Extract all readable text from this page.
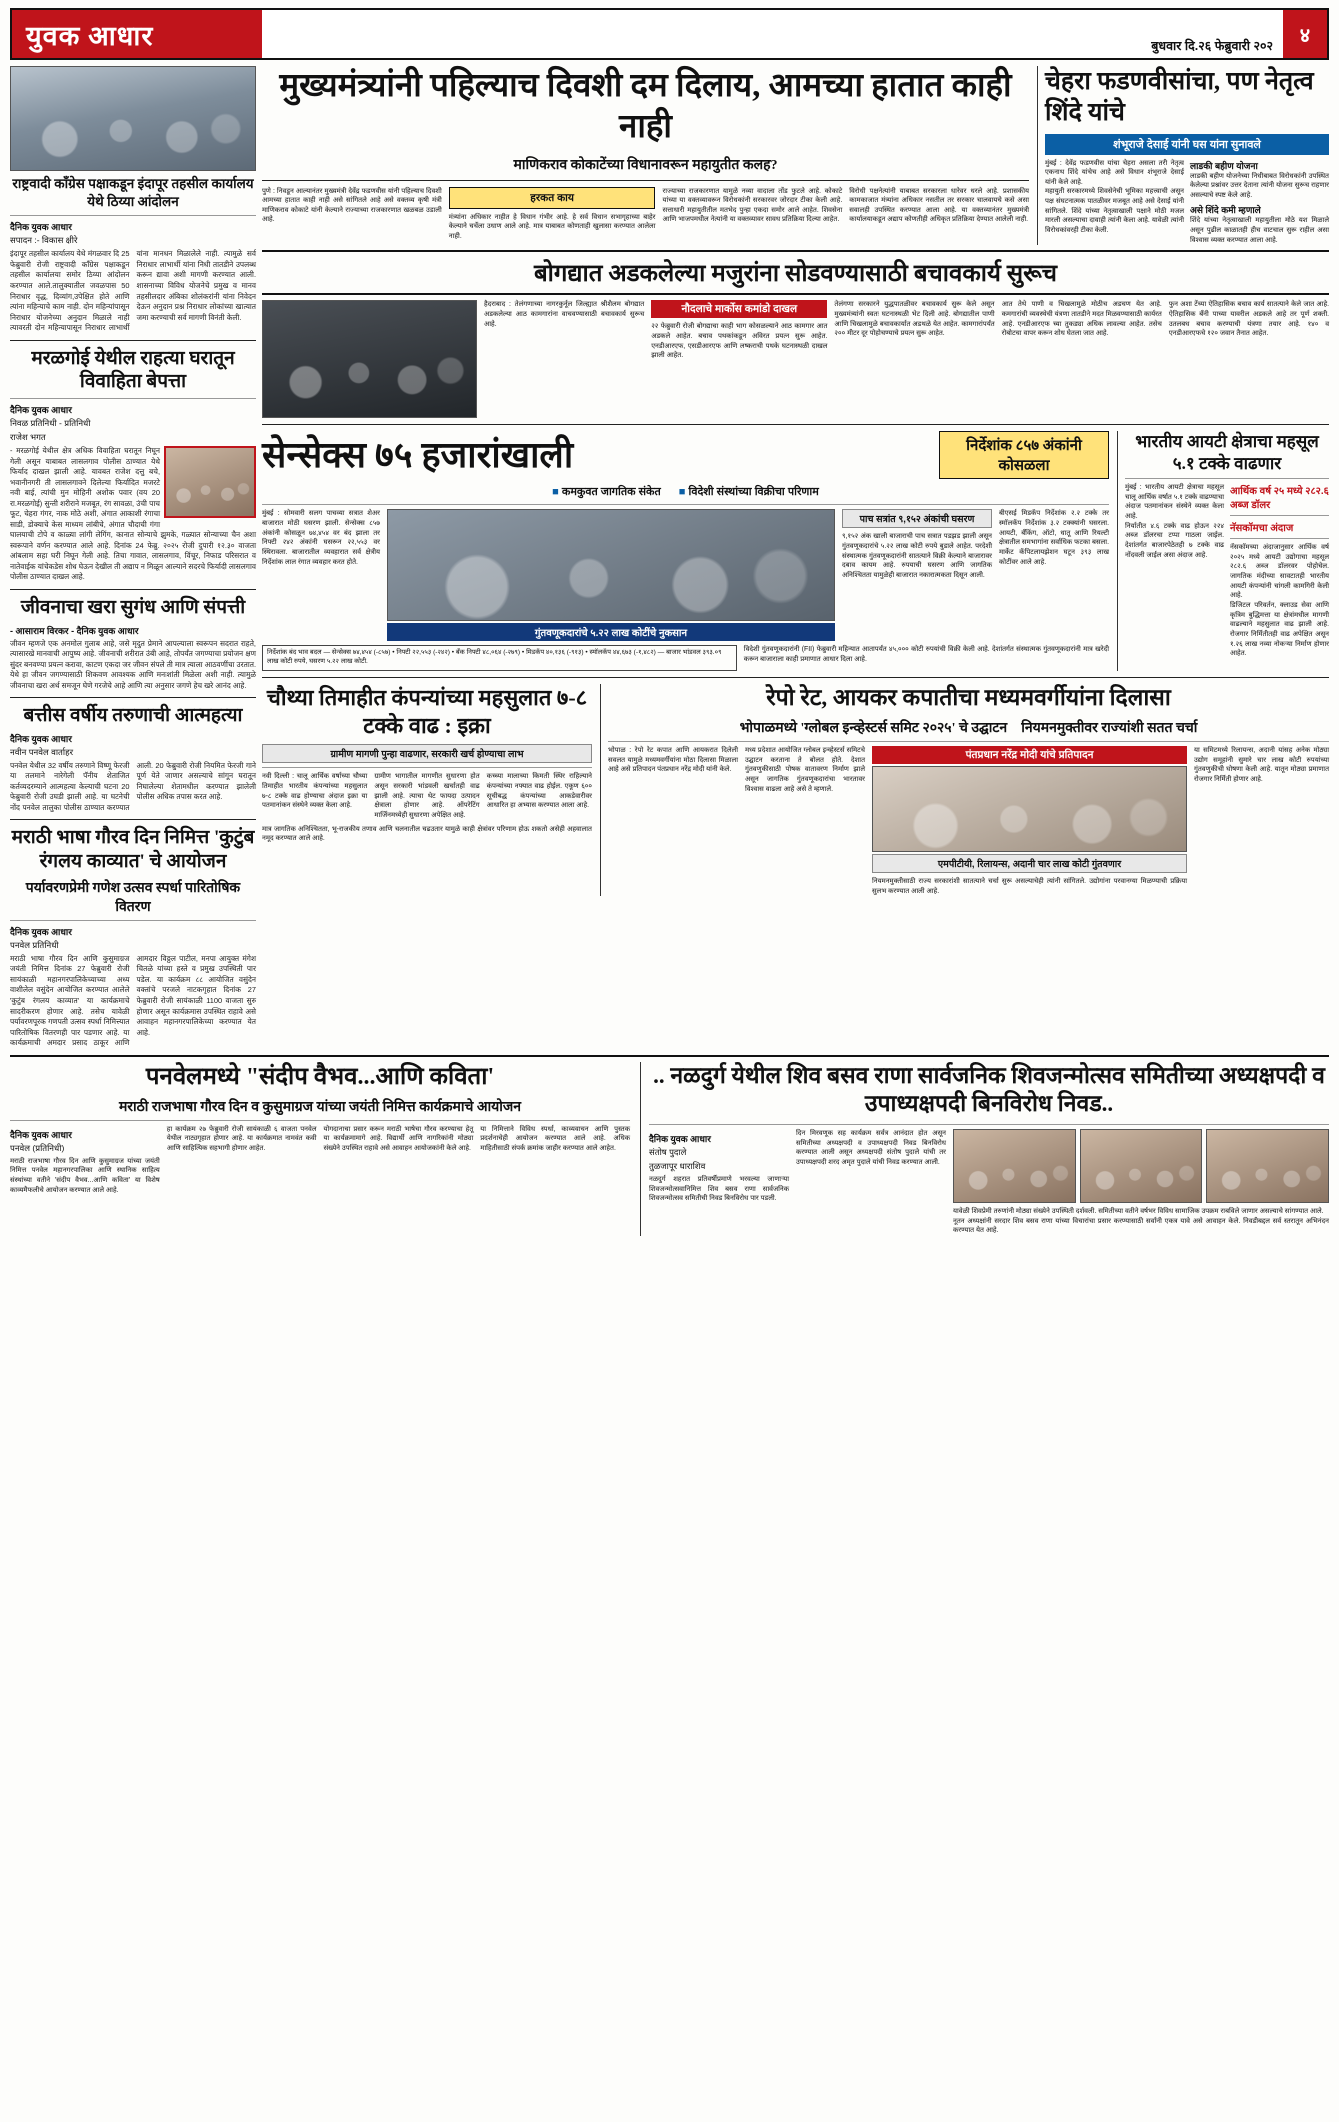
युवक आधार	बुधवार दि.२६ फेब्रुवारी २०२	४
राष्ट्रवादी काँग्रेस पक्षाकडून इंदापूर तहसील कार्यालय येथे ठिय्या आंदोलन
दैनिक युवक आधार
सपादन :- विकास क्षीरे
इंदापूर तहसील कार्यालय येथे मंगळवार दि 25 फेब्रुवारी रोजी राष्ट्रवादी काँग्रेस पक्षाकडून तहसील कार्यालया समोर ठिय्या आंदोलन करण्यात आले.तालुक्यातील जवळपास 50 निराधार वृद्ध, दिव्यांग,उपेक्षित होते आणि त्यांना महिन्याचे काम नाही. दोन महिन्यांपासून निराधार योजनेच्या अनुदान मिळाले नाही त्यावरती दोन महिन्यापासून निराधार लाभार्थी यांना मानधन मिळालेले नाही. त्यामुळे सर्व निराधार लाभार्थी यांना निधी तातडीने उपलब्ध करून द्यावा अशी मागणी करण्यात आली. शासनाच्या विविध योजनेचे प्रमुख व मानव तहसीलदार अंबिका शोलंकरांनी यांना निवेदन देऊन अनुदान प्रश्न निराधार लोकांच्या खात्यात जमा करण्याची सर्व मागणी विनंती केली.
मरळगोई येथील राहत्या घरातून विवाहिता बेपत्ता
दैनिक युवक आधार
निवळ प्रतिनिधी - प्रतिनिधी
राजेश भगत
- मरळगोई येथील क्षेत्र अधिक विवाहिता घरातून निघून गेली असून याबाबत लासलगाव पोलीस ठाण्यात येथे फिर्याद दाखल झाली आहे. यावबत राजेश दत्तु बचे, भवानीनगरी ती लासलगावने दिलेल्या फिर्यादित मजरटे नवी बाई, त्यांची मुन मोहिनी अशोक पवार (वय 20 रा.मरळगोई) सुन्ती शरीराने मजबूत, रंग सावळा, उंची पाच फूट, चेहरा गंगर, नाक मोठे अशी, अंगात आकाशी रंगाचा साडी, डोक्याचे केस माध्यम लांबीचे, अंगात चौदाची गंगा घालयाची टोपे व काळ्या लांगी लेगिंग, कानात सोन्याचे झुमके, गळ्यात सोन्याच्या चैन अशा स्वरूपाने वर्णन करण्यात आले आहे. दिनांक 24 फेब्रु. २०२५ रोजी दुपारी १२.३० वाजता आंबलाम सहा घरी निघून गेली आहे. तिचा गावात, लासलगाव, विंचूर, निफाड परिसरात व नातेवाईक यांचेकडेस शोध घेऊन देखील ती अद्याप न मिळून आल्याने सदरचे फिर्यादी लासलगाव पोलीस ठाण्यात दाखल आहे.
जीवनाचा खरा सुगंध आणि संपत्ती
- आसाराम विरकर - दैनिक युवक आधार
जीवन म्हणजे एक अनमोल गुलाब आहे, जसे मृदुत प्रेमाने आपल्याला स्वरूपन सदरात राहते, त्यासारखे मानवाची आपुष्य आहे. जीवनाची शरीरात उंबी आहे, तोपर्यंत जगण्याचा प्रयोजन क्षण सुंदर बनवण्या प्रयत्न करावा, काटण एकदा जर जीवन संपले ती मात्र त्याला आठवणींचा उरतात. येथे हा जीवन जगण्यासाठी शिकवण आवश्यक आणि मनःशांती मिळेला अशी नाही. त्यामुळे जीवनाचा खरा अर्थ समजून घेणे गरजेचे आहे आणि त्या अनुसार जगणे हेच खरे आनंद आहे.
बत्तीस वर्षीय तरुणाची आत्महत्या
दैनिक युवक आधार
नवीन पनवेल वार्ताहर
पनवेल येथील 32 वर्षीय तरुणाने विष्णू फेरजी या तलमाने नारेगेली पॅनीय शेताजित कर्तव्यदरम्याने आत्महत्या केल्याची घटना 20 फेब्रुवारी रोजी उघडी झाली आहे. या घटनेची नोंद पनवेल तालुका पोलीस ठाण्यात करण्यात आली. 20 फेब्रुवारी रोजी नियमित फेरजी गाने पूर्ण येते जाणार असल्याचे सांगून घरातून निघालेल्या शेतामधील करण्यात झालेली पोलीस अधिक तपास करत आहे.
मराठी भाषा गौरव दिन निमित्त 'कुटुंब रंगलय काव्यात' चे आयोजन
पर्यावरणप्रेमी गणेश उत्सव स्पर्धा पारितोषिक वितरण
दैनिक युवक आधार
पनवेल प्रतिनिधी
मराठी भाषा गौरव दिन आणि कुसुमाग्रज जयंती निमित्त दिनांक 27 फेब्रुवारी रोजी सायंकाळी महानगरपालिकेच्याच्या अध्य वाशीलेल वसुंदेन आयोजित करण्यात आलेले 'कुटुंब रंगलय काव्यात' या कार्यक्रमाचे सादरीकरण होणार आहे. तसेच यावेळी पर्यावरणपूरक गणपती उत्सव स्पर्धा निमित्त्यात पारितोषिक वितरणही पार पडणार आहे. या कार्यक्रमाची अमदार प्रसाद ठाकूर आणि आमदार विठ्ठल पाटील, मनपा आयुक्त मंगेश चितळे यांच्या हस्ते व प्रमुख उपस्थिती पार पडेल. या कार्यक्रम ८८ आयोजित वसुंदेन वक्तांचे परजले नाटकगृहात दिनांक 27 फेब्रुवारी रोजी सायंकाळी 1100 वाजता सुरु होणार असून कार्यक्रमास उपस्थित राहावे असे आवाहन महानगरपालिकेच्या करण्यात येत आहे.
मुख्यमंत्र्यांनी पहिल्याच दिवशी दम दिलाय, आमच्या हातात काही नाही
माणिकराव कोकाटेंच्या विधानावरून महायुतीत कलह?
पुणे : निवडून आल्यानंतर मुख्यमंत्री देवेंद्र फडणवीस यांनी पहिल्याच दिवशी आमच्या हातात काही नाही असे सांगितले आहे असे वक्तव्य कृषी मंत्री माणिकराव कोकाटे यांनी केल्याने राज्याच्या राजकारणात खळबळ उडाली आहे.
हरकत काय
मंत्र्यांना अधिकार नाहीत हे विधान गंभीर आहे. हे सर्व विधान सभागृहाच्या बाहेर केल्याने चर्चेला उधाण आले आहे. मात्र याबाबत कोणताही खुलासा करण्यात आलेला नाही.
राज्याच्या राजकारणात यामुळे नव्या वादाला तोंड फुटले आहे. कोकाटे यांच्या या वक्तव्यावरून विरोधकांनी सरकारवर जोरदार टीका केली आहे. सत्ताधारी महायुतीतील मतभेद पुन्हा एकदा समोर आले आहेत. शिवसेना आणि भाजपमधील नेत्यांनी या वक्तव्यावर सावध प्रतिक्रिया दिल्या आहेत.
विरोधी पक्षनेत्यांनी याबाबत सरकारला धारेवर धरले आहे. प्रशासकीय कामकाजात मंत्र्यांना अधिकार नसतील तर सरकार चालवायचे कसे असा सवालही उपस्थित करण्यात आला आहे. या वक्तव्यानंतर मुख्यमंत्री कार्यालयाकडून अद्याप कोणतीही अधिकृत प्रतिक्रिया देण्यात आलेली नाही.
चेहरा फडणवीसांचा, पण नेतृत्व शिंदे यांचे
शंभूराजे देसाई यांनी घस यांना सुनावले
मुंबई : देवेंद्र फडणवीस यांचा चेहरा असला तरी नेतृत्व एकनाथ शिंदे यांचेच आहे असे विधान शंभूराजे देसाई यांनी केले आहे.
महायुती सरकारमध्ये शिवसेनेची भूमिका महत्त्वाची असून पक्ष संघटनात्मक पातळीवर मजबूत आहे असे देसाई यांनी सांगितले. शिंदे यांच्या नेतृत्वाखाली पक्षाने मोठी मजल मारली असल्याचा दावाही त्यांनी केला आहे. यावेळी त्यांनी विरोधकांवरही टीका केली.
लाडकी बहीण योजना
लाडकी बहीण योजनेच्या निधीबाबत विरोधकांनी उपस्थित केलेल्या प्रश्नांवर उत्तर देताना त्यांनी योजना सुरूच राहणार असल्याचे स्पष्ट केले आहे.
असे शिंदे कमी म्हणाले
शिंदे यांच्या नेतृत्वाखाली महायुतीला मोठे यश मिळाले असून पुढील काळातही हीच वाटचाल सुरू राहील असा विश्वास व्यक्त करण्यात आला आहे.
बोगद्यात अडकलेल्या मजुरांना सोडवण्यासाठी बचावकार्य सुरूच
हैदराबाद : तेलंगणाच्या नागरकुर्नूल जिल्ह्यात श्रीशैलम बोगद्यात अडकलेल्या आठ कामगारांना वाचवण्यासाठी बचावकार्य सुरूच आहे.
नौदलाचे मार्कोस कमांडो दाखल
२२ फेब्रुवारी रोजी बोगद्याचा काही भाग कोसळल्याने आठ कामगार आत अडकले आहेत. बचाव पथकांकडून अविरत प्रयत्न सुरू आहेत. एनडीआरएफ, एसडीआरएफ आणि लष्कराची पथके घटनास्थळी दाखल झाली आहेत.
तेलंगणा सरकारने युद्धपातळीवर बचावकार्य सुरू केले असून मुख्यमंत्र्यांनी स्वतः घटनास्थळी भेट दिली आहे. बोगद्यातील पाणी आणि चिखलामुळे बचावकार्यात अडथळे येत आहेत. कामगारांपर्यंत २०० मीटर दूर पोहोचण्याचे प्रयत्न सुरू आहेत.
आत तेथे पाणी व चिखलामुळे मोठीच अडचण येत आहे. कमगारांची व्यवस्थेची यंत्रणा तातडीने मदत मिळवण्यासाठी कार्यरत आहे. एनडीआरएफ च्या तुकड्या अधिक लावल्या आहेत. तसेच रोबोटचा वापर करून शोध घेतला जात आहे.
फुन अशा टेंच्या ऐतिहासिक बचाव कार्य सातत्याने केले जात आहे. ऐतिहासिक बॅंनी पाच्या यावरील अडकले आहे तर पूर्ण शक्ती. उतलबध बचाव करण्याची यंत्रणा तयार आहे. १४० व एनडीआरएफचे १२० जवान तैनात आहेत.
सेन्सेक्स ७५ हजारांखाली	निर्देशांक ८५७ अंकांनी कोसळला
■ कमकुवत जागतिक संकेत	■ विदेशी संस्थांच्या विक्रीचा परिणाम
मुंबई : सोमवारी सलग पाचव्या सत्रात शेअर बाजारात मोठी घसरण झाली. सेन्सेक्स ८५७ अंकांनी कोसळून ७४,४५४ वर बंद झाला तर निफ्टी २४२ अंकांनी घसरून २२,५५३ वर स्थिरावला. बाजारातील व्यवहारात सर्व क्षेत्रीय निर्देशांक लाल रंगात व्यवहार करत होते.
गुंतवणूकदारांचे ५.२२ लाख कोटींचे नुकसान
पाच सत्रांत ९,१५२ अंकांची घसरण
९,१५२ अंक खाली बाजाराची पाच सत्रात पडझड झाली असून गुंतवणूकदारांचे ५.२२ लाख कोटी रुपये बुडाले आहेत. परदेशी संस्थात्मक गुंतवणूकदारांनी सातत्याने विक्री केल्याने बाजारावर दबाव कायम आहे. रुपयाची घसरण आणि जागतिक अनिश्चितता यामुळेही बाजारात नकारात्मकता दिसून आली.
बीएसई मिडकॅप निर्देशांक २.२ टक्के तर स्मॉलकॅप निर्देशांक ३.२ टक्क्यांनी घसरला. आयटी, बँकिंग, ऑटो, धातू आणि रियल्टी क्षेत्रातील समभागांना सर्वाधिक फटका बसला. मार्केट कॅपिटलायझेशन घटून ३९३ लाख कोटींवर आले आहे.
निर्देशांक बंद भाव बदल — सेन्सेक्स ७४,४५४ (-८५७) • निफ्टी २२,५५३ (-२४२) • बँक निफ्टी ४८,०६४ (-२७९) • मिडकॅप ४०,१३६ (-९१३) • स्मॉलकॅप ४४,६७३ (-१,४८२) — बाजार भांडवल ३९३.०९ लाख कोटी रुपये, घसरण ५.२२ लाख कोटी.
विदेशी गुंतवणूकदारांनी (FII) फेब्रुवारी महिन्यात आतापर्यंत ४५,००० कोटी रुपयांची विक्री केली आहे. देशांतर्गत संस्थात्मक गुंतवणूकदारांनी मात्र खरेदी करून बाजाराला काही प्रमाणात आधार दिला आहे.
भारतीय आयटी क्षेत्राचा महसूल ५.१ टक्के वाढणार
मुंबई : भारतीय आयटी क्षेत्राचा महसूल चालू आर्थिक वर्षात ५.१ टक्के वाढण्याचा अंदाज पतमानांकन संस्थेने व्यक्त केला आहे.
निर्यातीत ४.६ टक्के वाढ होऊन २२४ अब्ज डॉलरचा टप्पा गाठला जाईल. देशांतर्गत बाजारपेठेतही ७ टक्के वाढ नोंदवली जाईल असा अंदाज आहे.
आर्थिक वर्ष २५ मध्ये २८२.६ अब्ज डॉलर
नॅसकॉमचा अंदाज
नॅसकॉमच्या अंदाजानुसार आर्थिक वर्ष २०२५ मध्ये आयटी उद्योगाचा महसूल २८२.६ अब्ज डॉलरवर पोहोचेल. जागतिक मंदीच्या सावटातही भारतीय आयटी कंपन्यांनी चांगली कामगिरी केली आहे.
डिजिटल परिवर्तन, क्लाउड सेवा आणि कृत्रिम बुद्धिमत्ता या क्षेत्रांमधील मागणी वाढल्याने महसुलात वाढ झाली आहे. रोजगार निर्मितीतही वाढ अपेक्षित असून १.२६ लाख नव्या नोकऱ्या निर्माण होणार आहेत.
चौथ्या तिमाहीत कंपन्यांच्या महसुलात ७-८ टक्के वाढ : इक्रा
ग्रामीण मागणी पुन्हा वाढणार, सरकारी खर्च होण्याचा लाभ
नवी दिल्ली : चालू आर्थिक वर्षाच्या चौथ्या तिमाहीत भारतीय कंपन्यांच्या महसुलात ७-८ टक्के वाढ होण्याचा अंदाज इक्रा या पतमानांकन संस्थेने व्यक्त केला आहे.
ग्रामीण भागातील मागणीत सुधारणा होत असून सरकारी भांडवली खर्चातही वाढ झाली आहे. त्याचा थेट फायदा उत्पादन क्षेत्राला होणार आहे. ऑपरेटिंग मार्जिनमध्येही सुधारणा अपेक्षित आहे.
कच्च्या मालाच्या किमती स्थिर राहिल्याने कंपन्यांच्या नफ्यात वाढ होईल. एकूण ६०० सूचीबद्ध कंपन्यांच्या आकडेवारीवर आधारित हा अभ्यास करण्यात आला आहे.
मात्र जागतिक अनिश्चितता, भू-राजकीय तणाव आणि चलनातील चढउतार यामुळे काही क्षेत्रांवर परिणाम होऊ शकतो असेही अहवालात नमूद करण्यात आले आहे.
रेपो रेट, आयकर कपातीचा मध्यमवर्गीयांना दिलासा
भोपाळमध्ये 'ग्लोबल इन्व्हेस्टर्स समिट २०२५' चे उद्घाटन नियमनमुक्तीवर राज्यांशी सतत चर्चा
भोपाळ : रेपो रेट कपात आणि आयकरात दिलेली सवलत यामुळे मध्यमवर्गीयांना मोठा दिलासा मिळाला आहे असे प्रतिपादन पंतप्रधान नरेंद्र मोदी यांनी केले.
मध्य प्रदेशात आयोजित ग्लोबल इन्व्हेस्टर्स समिटचे उद्घाटन करताना ते बोलत होते. देशात गुंतवणुकीसाठी पोषक वातावरण निर्माण झाले असून जागतिक गुंतवणूकदारांचा भारतावर विश्वास वाढला आहे असे ते म्हणाले.
पंतप्रधान नरेंद्र मोदी यांचे प्रतिपादन
एमपीटीयी, रिलायन्स, अदानी चार लाख कोटी गुंतवणार
नियमनमुक्तीसाठी राज्य सरकारांशी सातत्याने चर्चा सुरू असल्याचेही त्यांनी सांगितले. उद्योगांना परवानग्या मिळण्याची प्रक्रिया सुलभ करण्यात आली आहे.
या समिटमध्ये रिलायन्स, अदानी यांसह अनेक मोठ्या उद्योग समूहांनी सुमारे चार लाख कोटी रुपयांच्या गुंतवणुकीची घोषणा केली आहे. यातून मोठ्या प्रमाणात रोजगार निर्मिती होणार आहे.
पनवेलमध्ये "संदीप वैभव...आणि कविता'
मराठी राजभाषा गौरव दिन व कुसुमाग्रज यांच्या जयंती निमित्त कार्यक्रमाचे आयोजन
दैनिक युवक आधार
पनवेल (प्रतिनिधी)
मराठी राजभाषा गौरव दिन आणि कुसुमाग्रज यांच्या जयंती निमित्त पनवेल महानगरपालिका आणि स्थानिक साहित्य संस्थांच्या वतीने 'संदीप वैभव...आणि कविता' या विशेष काव्यमैफलीचे आयोजन करण्यात आले आहे.
हा कार्यक्रम २७ फेब्रुवारी रोजी सायंकाळी ६ वाजता पनवेल येथील नाट्यगृहात होणार आहे. या कार्यक्रमात नामवंत कवी आणि साहित्यिक सहभागी होणार आहेत.
योगदानाचा प्रसार करून मराठी भाषेचा गौरव करण्याचा हेतू या कार्यक्रमामागे आहे. विद्यार्थी आणि नागरिकांनी मोठ्या संख्येने उपस्थित राहावे असे आवाहन आयोजकांनी केले आहे.
या निमित्ताने विविध स्पर्धा, काव्यवाचन आणि पुस्तक प्रदर्शनाचेही आयोजन करण्यात आले आहे. अधिक माहितीसाठी संपर्क क्रमांक जाहीर करण्यात आले आहेत.
.. नळदुर्ग येथील शिव बसव राणा सार्वजनिक शिवजन्मोत्सव समितीच्या अध्यक्षपदी व उपाध्यक्षपदी बिनविरोध निवड..
दैनिक युवक आधार
संतोष पुदाले
तुळजापूर धाराशिव
नळदुर्ग शहरात प्रतिवर्षीप्रमाणे भरवल्या जाणाऱ्या शिवजन्मोत्सवानिमित्त शिव बसव राणा सार्वजनिक शिवजन्मोत्सव समितीची निवड बिनविरोध पार पडली.
दिन मिरवणूक सह कार्यक्रम सर्वत्र आनंदात होत असून समितीच्या अध्यक्षपदी व उपाध्यक्षपदी निवड बिनविरोध करण्यात आली असून अध्यक्षपदी संतोष पुदाले यांची तर उपाध्यक्षपदी शरद अमृत पुदाले यांची निवड करण्यात आली.
यावेळी शिवप्रेमी तरुणांनी मोठ्या संख्येने उपस्थिती दर्शवली. समितीच्या वतीने वर्षभर विविध सामाजिक उपक्रम राबविले जाणार असल्याचे सांगण्यात आले.
नूतन अध्यक्षांनी सरदार शिव बसव राणा यांच्या विचारांचा प्रसार करण्यासाठी सर्वांनी एकत्र यावे असे आवाहन केले. निवडीबद्दल सर्व स्तरातून अभिनंदन करण्यात येत आहे.
